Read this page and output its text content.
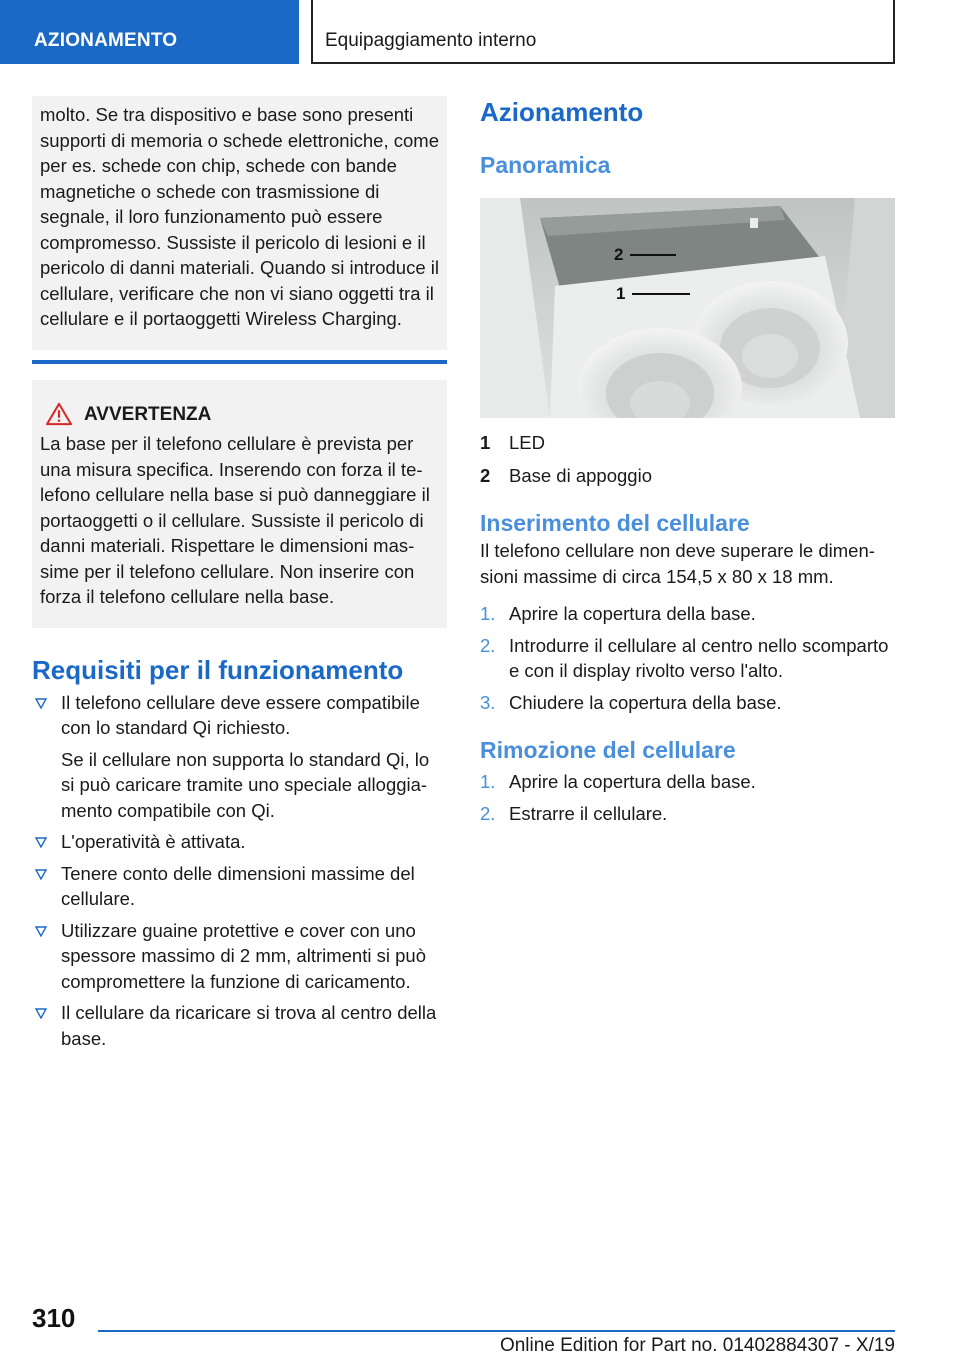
AZIONAMENTO	Equipaggiamento interno
molto. Se tra dispositivo e base sono presenti supporti di memoria o schede elettroniche, come per es. schede con chip, schede con bande magnetiche o schede con trasmissione di segnale, il loro funzionamento può essere compromesso. Sussiste il pericolo di lesioni e il pericolo di danni materiali. Quando si introduce il cellulare, verificare che non vi siano oggetti tra il cellulare e il portaoggetti Wireless Charging.
AVVERTENZA
La base per il telefono cellulare è prevista per una misura specifica. Inserendo con forza il telefono cellulare nella base si può danneggiare il portaoggetti o il cellulare. Sussiste il pericolo di danni materiali. Rispettare le dimensioni massime per il telefono cellulare. Non inserire con forza il telefono cellulare nella base.
Requisiti per il funzionamento
Il telefono cellulare deve essere compatibile con lo standard Qi richiesto.
Se il cellulare non supporta lo standard Qi, lo si può caricare tramite uno speciale alloggiamento compatibile con Qi.
L'operatività è attivata.
Tenere conto delle dimensioni massime del cellulare.
Utilizzare guaine protettive e cover con uno spessore massimo di 2 mm, altrimenti si può compromettere la funzione di caricamento.
Il cellulare da ricaricare si trova al centro della base.
Azionamento
Panoramica
2
1
1	LED
2	Base di appoggio
Inserimento del cellulare
Il telefono cellulare non deve superare le dimensioni massime di circa 154,5 x 80 x 18 mm.
1. Aprire la copertura della base.
2. Introdurre il cellulare al centro nello scomparto e con il display rivolto verso l'alto.
3. Chiudere la copertura della base.
Rimozione del cellulare
1. Aprire la copertura della base.
2. Estrarre il cellulare.
310
Online Edition for Part no. 01402884307 - X/19
